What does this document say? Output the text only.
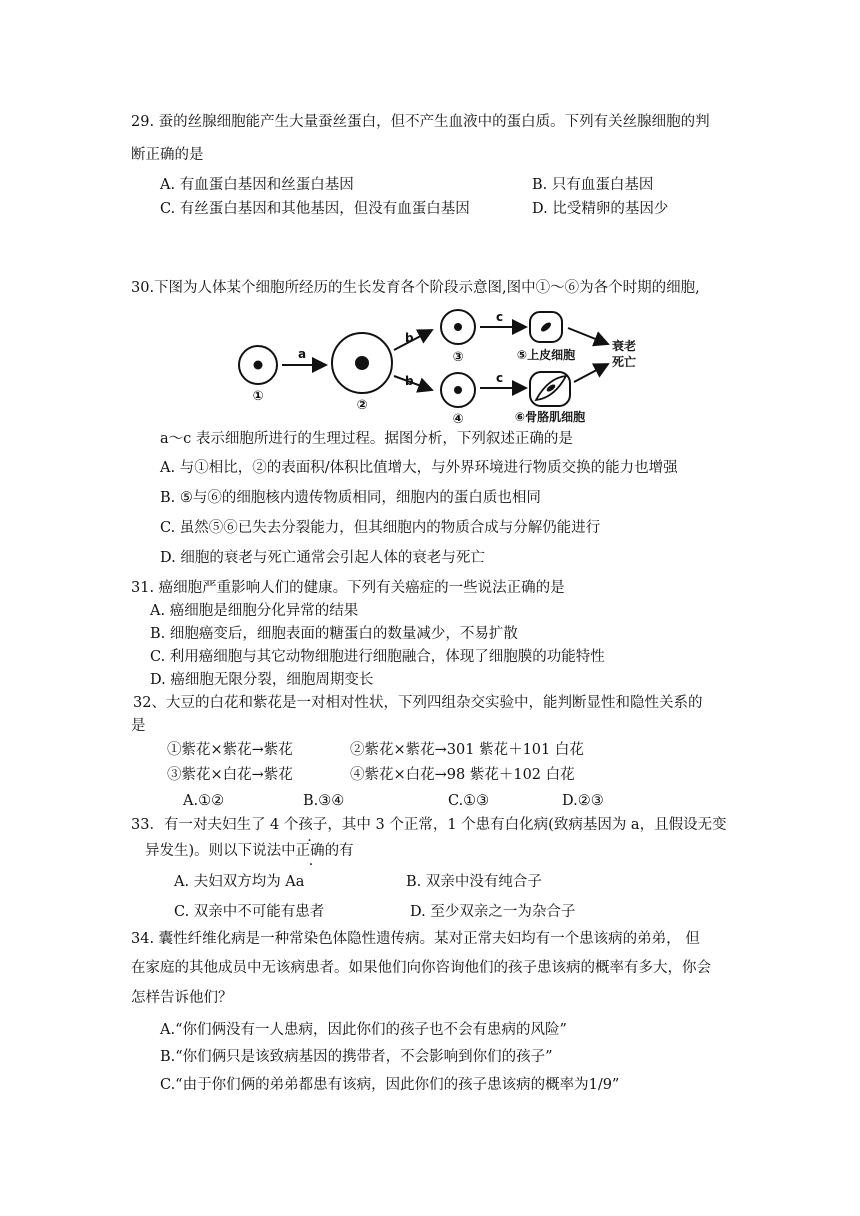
29. 蚕的丝腺细胞能产生大量蚕丝蛋白，但不产生血液中的蛋白质。下列有关丝腺细胞的判
断正确的是
A. 有血蛋白基因和丝蛋白基因	B. 只有血蛋白基因
C. 有丝蛋白基因和其他基因，但没有血蛋白基因	D. 比受精卵的基因少
30.下图为人体某个细胞所经历的生长发育各个阶段示意图,图中①～⑥为各个时期的细胞,
①
a
②
b
b
③
④
c
c
⑤上皮细胞
⑥骨胳肌细胞
衰老
死亡
a～c 表示细胞所进行的生理过程。据图分析，下列叙述正确的是
A. 与①相比，②的表面积/体积比值增大，与外界环境进行物质交换的能力也增强
B. ⑤与⑥的细胞核内遗传物质相同，细胞内的蛋白质也相同
C. 虽然⑤⑥已失去分裂能力，但其细胞内的物质合成与分解仍能进行
D. 细胞的衰老与死亡通常会引起人体的衰老与死亡
31. 癌细胞严重影响人们的健康。下列有关癌症的一些说法正确的是
A. 癌细胞是细胞分化异常的结果
B. 细胞癌变后，细胞表面的糖蛋白的数量减少，不易扩散
C. 利用癌细胞与其它动物细胞进行细胞融合，体现了细胞膜的功能特性
D. 癌细胞无限分裂，细胞周期变长
32、大豆的白花和紫花是一对相对性状，下列四组杂交实验中，能判断显性和隐性关系的
是
①紫花×紫花→紫花	②紫花×紫花→301 紫花＋101 白花
③紫花×白花→紫花	④紫花×白花→98 紫花＋102 白花
A.①②	B.③④	C.①③	D.②③
33．有一对夫妇生了 4 个孩子，其中 3 个正常，1 个患有白化病(致病基因为 a，且假设无变
异发生)。则以下说法中正确的有
A. 夫妇双方均为 Aa	B. 双亲中没有纯合子
C. 双亲中不可能有患者	D. 至少双亲之一为杂合子
34. 囊性纤维化病是一种常染色体隐性遗传病。某对正常夫妇均有一个患该病的弟弟， 但
在家庭的其他成员中无该病患者。如果他们向你咨询他们的孩子患该病的概率有多大，你会
怎样告诉他们？
A.“你们俩没有一人患病，因此你们的孩子也不会有患病的风险”
B.“你们俩只是该致病基因的携带者，不会影响到你们的孩子”
C.“由于你们俩的弟弟都患有该病，因此你们的孩子患该病的概率为1/9”
